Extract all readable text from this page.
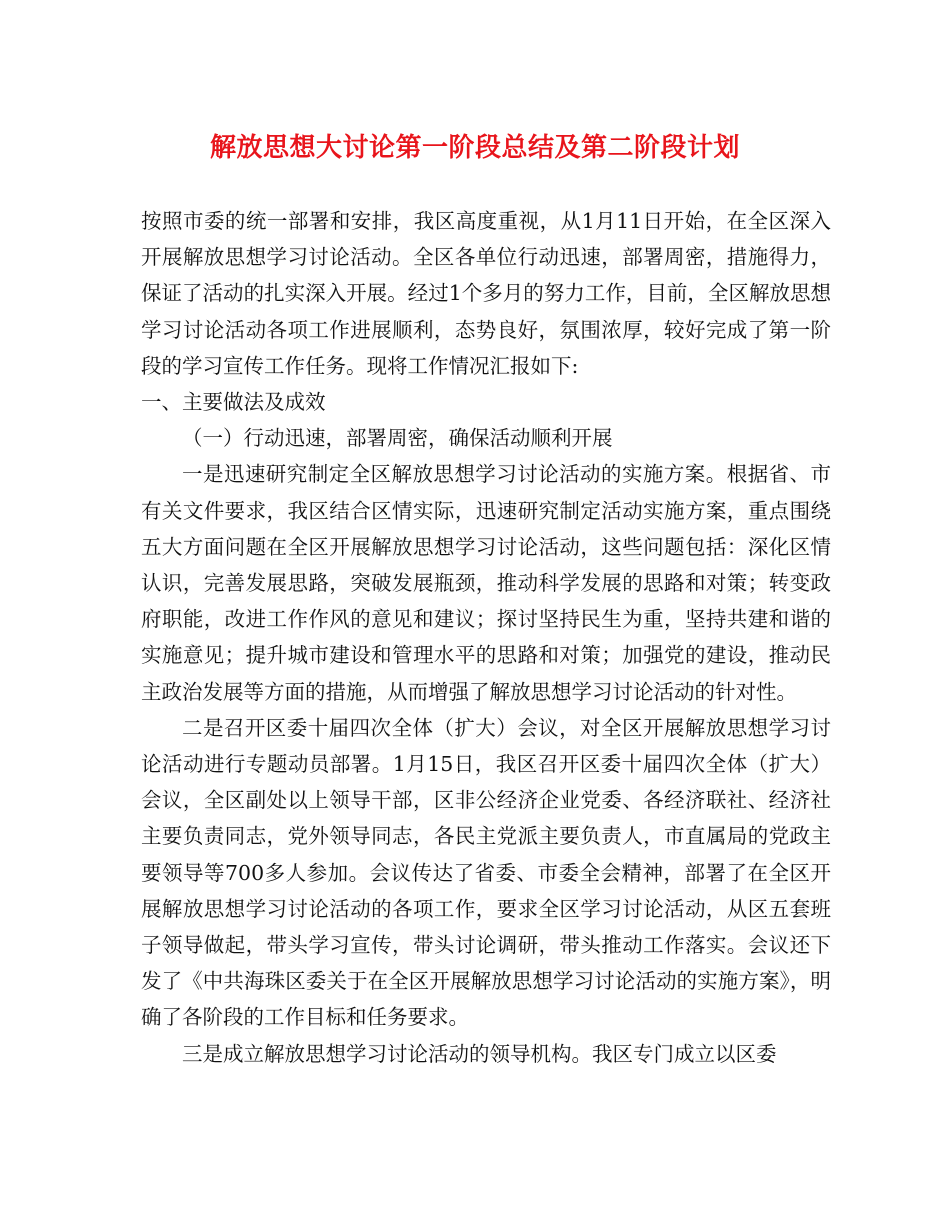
解放思想大讨论第一阶段总结及第二阶段计划

按照市委的统一部署和安排，我区高度重视，从1月11日开始，在全区深入开展解放思想学习讨论活动。全区各单位行动迅速，部署周密，措施得力，保证了活动的扎实深入开展。经过1个多月的努力工作，目前，全区解放思想学习讨论活动各项工作进展顺利，态势良好，氛围浓厚，较好完成了第一阶段的学习宣传工作任务。现将工作情况汇报如下:

一、主要做法及成效

（一）行动迅速，部署周密，确保活动顺利开展

一是迅速研究制定全区解放思想学习讨论活动的实施方案。根据省、市有关文件要求，我区结合区情实际，迅速研究制定活动实施方案，重点围绕五大方面问题在全区开展解放思想学习讨论活动，这些问题包括：深化区情认识，完善发展思路，突破发展瓶颈，推动科学发展的思路和对策；转变政府职能，改进工作作风的意见和建议；探讨坚持民生为重，坚持共建和谐的实施意见；提升城市建设和管理水平的思路和对策；加强党的建设，推动民主政治发展等方面的措施，从而增强了解放思想学习讨论活动的针对性。

二是召开区委十届四次全体（扩大）会议，对全区开展解放思想学习讨论活动进行专题动员部署。1月15日，我区召开区委十届四次全体（扩大）会议，全区副处以上领导干部，区非公经济企业党委、各经济联社、经济社主要负责同志，党外领导同志，各民主党派主要负责人，市直属局的党政主要领导等700多人参加。会议传达了省委、市委全会精神，部署了在全区开展解放思想学习讨论活动的各项工作，要求全区学习讨论活动，从区五套班子领导做起，带头学习宣传，带头讨论调研，带头推动工作落实。会议还下发了《中共海珠区委关于在全区开展解放思想学习讨论活动的实施方案》，明确了各阶段的工作目标和任务要求。

三是成立解放思想学习讨论活动的领导机构。我区专门成立以区委
